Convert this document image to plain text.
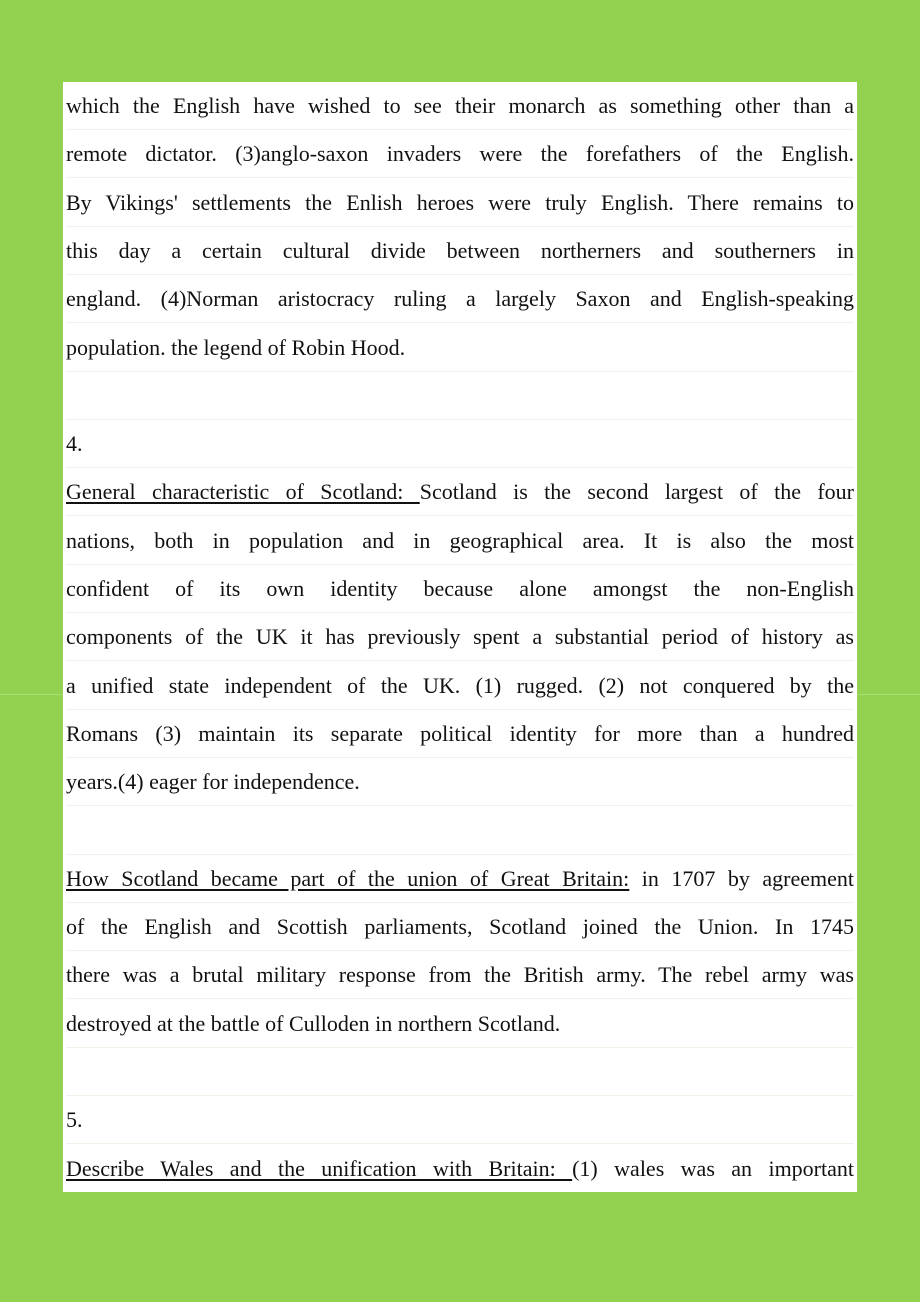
which the English have wished to see their monarch as something other than a
remote dictator. (3)anglo-saxon invaders were the forefathers of the English.
By Vikings' settlements the Enlish heroes were truly English. There remains to
this day a certain cultural divide between northerners and southerners in
england. (4)Norman aristocracy ruling a largely Saxon and English-speaking
population. the legend of Robin Hood.
4.
General characteristic of Scotland: Scotland is the second largest of the four
nations, both in population and in geographical area. It is also the most
confident of its own identity because alone amongst the non-English
components of the UK it has previously spent a substantial period of history as
a unified state independent of the UK. (1) rugged. (2) not conquered by the
Romans (3) maintain its separate political identity for more than a hundred
years.(4) eager for independence.
How Scotland became part of the union of Great Britain: in 1707 by agreement
of the English and Scottish parliaments, Scotland joined the Union. In 1745
there was a brutal military response from the British army. The rebel army was
destroyed at the battle of Culloden in northern Scotland.
5.
Describe Wales and the unification with Britain: (1) wales was an important
